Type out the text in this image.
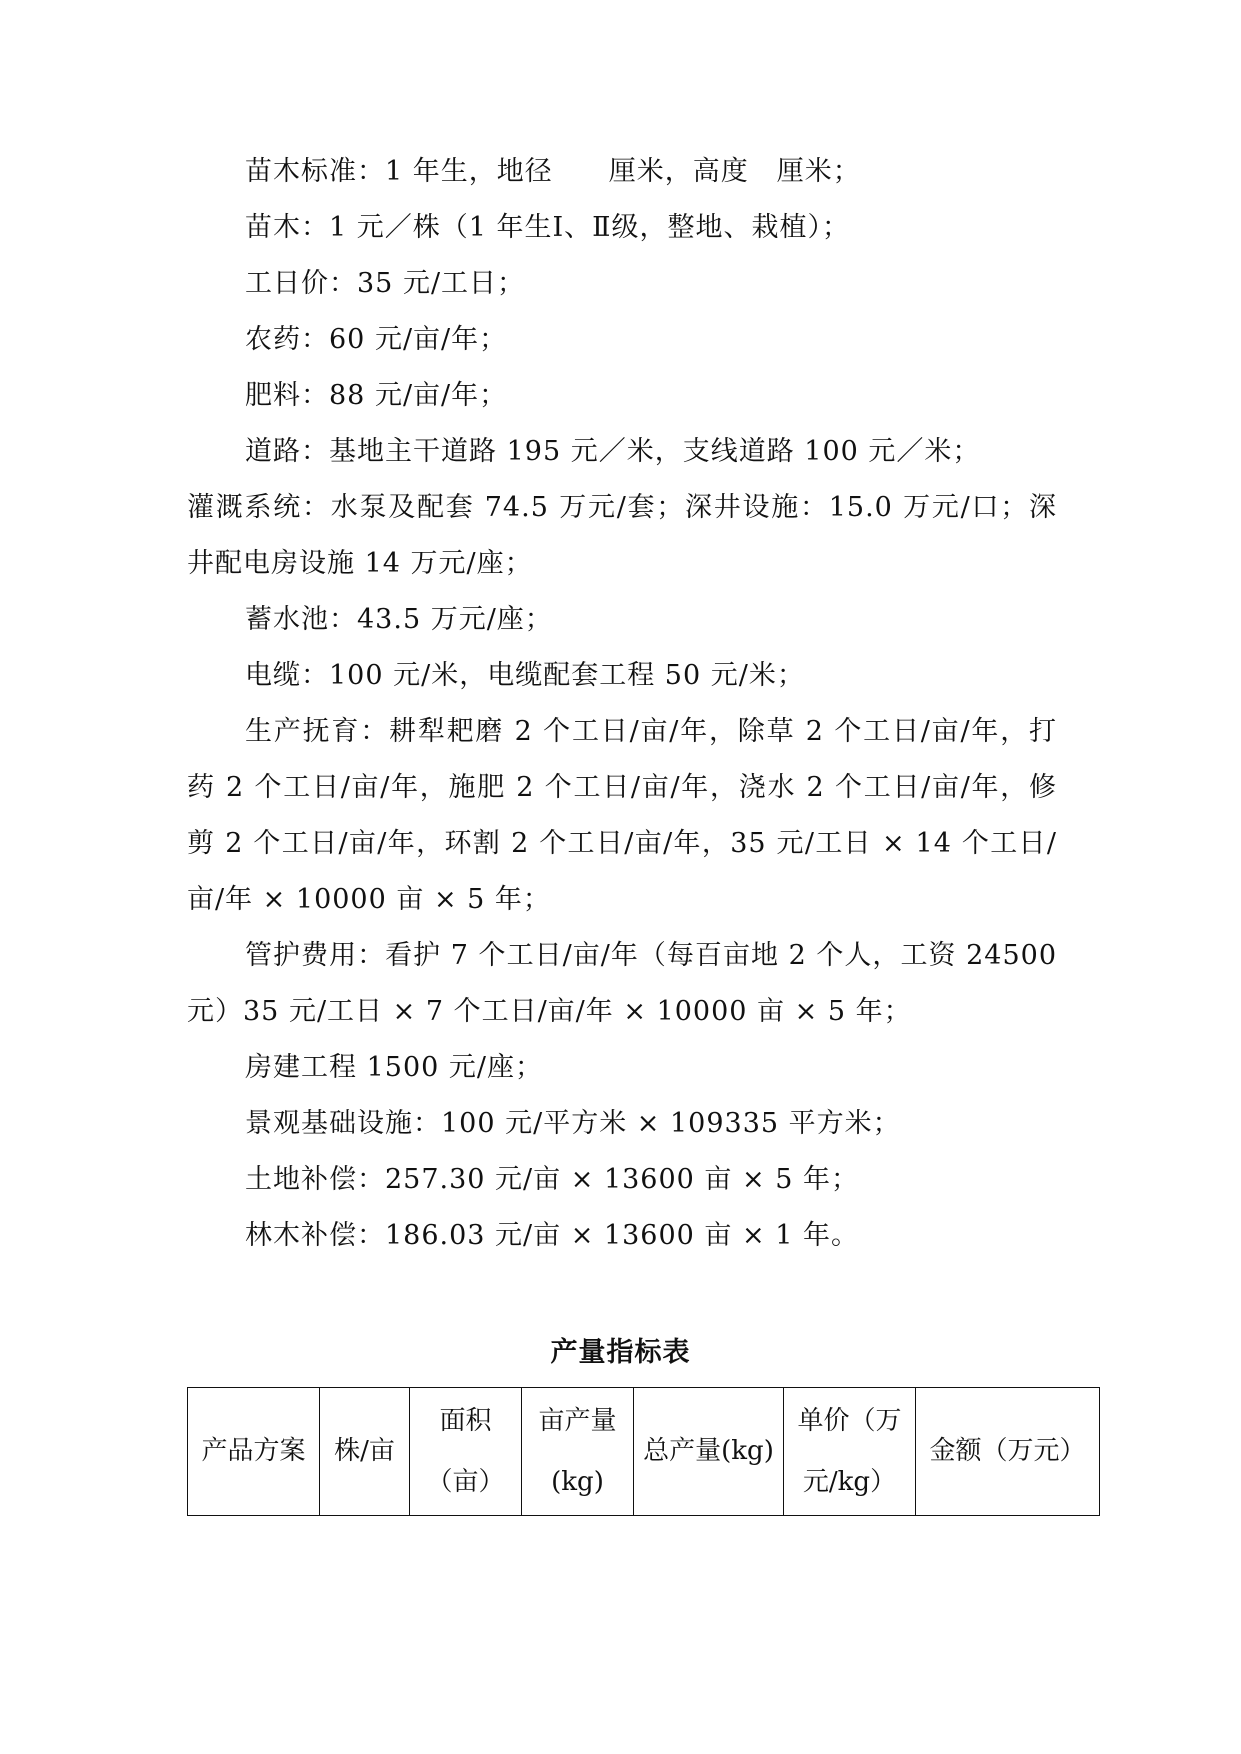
苗木标准：1 年生，地径　　厘米，高度　厘米；

苗木：1 元／株（1 年生Ⅰ、Ⅱ级，整地、栽植）；

工日价：35 元/工日；

农药：60 元/亩/年；

肥料：88 元/亩/年；

道路：基地主干道路 195 元／米，支线道路 100 元／米；

灌溉系统：水泵及配套 74.5 万元/套；深井设施：15.0 万元/口；深井配电房设施 14 万元/座；

蓄水池：43.5 万元/座；

电缆：100 元/米，电缆配套工程 50 元/米；

生产抚育：耕犁耙磨 2 个工日/亩/年，除草 2 个工日/亩/年，打药 2 个工日/亩/年，施肥 2 个工日/亩/年，浇水 2 个工日/亩/年，修剪 2 个工日/亩/年，环割 2 个工日/亩/年，35 元/工日 × 14 个工日/亩/年 × 10000 亩 × 5 年；

管护费用：看护 7 个工日/亩/年（每百亩地 2 个人，工资 24500 元）35 元/工日 × 7 个工日/亩/年 × 10000 亩 × 5 年；

房建工程 1500 元/座；

景观基础设施：100 元/平方米 × 109335 平方米；

土地补偿：257.30 元/亩 × 13600 亩 × 5 年；

林木补偿：186.03 元/亩 × 13600 亩 × 1 年。

产量指标表
产品方案	株/亩	面积（亩）	亩产量(kg)	总产量(kg)	单价（万元/kg）	金额（万元）
